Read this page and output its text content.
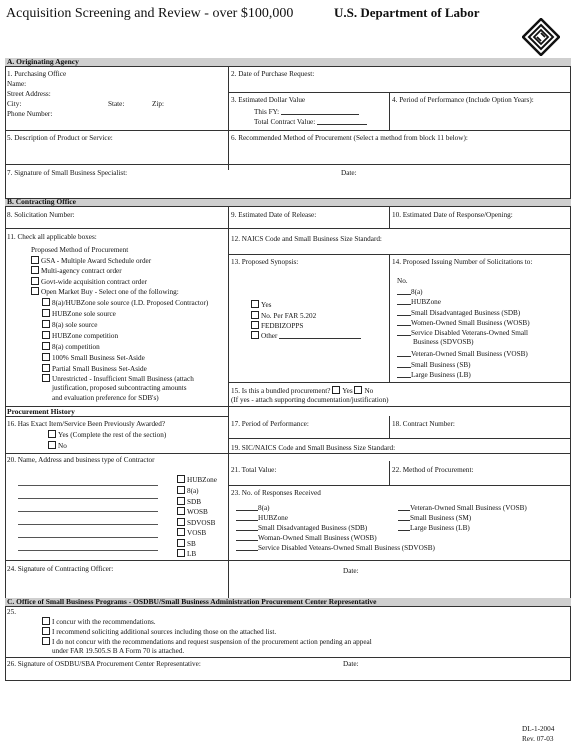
Acquisition Screening and Review - over $100,000	U.S. Department of Labor
A. Originating Agency
1. Purchasing Office
Name:
Street Address:
City:	State:	Zip:
Phone Number:
2. Date of Purchase Request:
3. Estimated Dollar Value
This FY:
Total Contract Value:
4. Period of Performance (Include Option Years):
5. Description of Product or Service:	6. Recommended Method of Procurement (Select a method from block 11 below):
7. Signature of Small Business Specialist:	Date:
B. Contracting Office
8. Solicitation Number:	9. Estimated Date of Release:	10. Estimated Date of Response/Opening:
11. Check all applicable boxes:
Proposed Method of Procurement
GSA - Multiple Award Schedule order
Multi-agency contract order
Govt-wide acquisition contract order
Open Market Buy - Select one of the following:
8(a)/HUBZone sole source (I.D. Proposed Contractor)
HUBZone sole source
8(a) sole source
HUBZone competition
8(a) competition
100% Small Business Set-Aside
Partial Small Business Set-Aside
Unrestricted - Insufficient Small Business (attach
justification, proposed subcontracting amounts
and evaluation preference for SDB's)
12. NAICS Code and Small Business Size Standard:
13. Proposed Synopsis:
Yes
No. Per FAR 5.202
FEDBIZOPPS
Other
14. Proposed Issuing Number of Solicitations to:
No.
8(a)
HUBZone
Small Disadvantaged Business (SDB)
Women-Owned Small Business (WOSB)
Service Disabled Veterans-Owned Small
Business (SDVOSB)
Veteran-Owned Small Business (VOSB)
Small Business (SB)
Large Business (LB)
15. Is this a bundled procurement? Yes No
(If yes - attach supporting documentation/justification)
Procurement History
16. Has Exact Item/Service Been Previously Awarded?
Yes (Complete the rest of the section)
No
17. Period of Performance:	18. Contract Number:
19. SIC/NAICS Code and Small Business Size Standard:
20. Name, Address and business type of Contractor
HUBZone
8(a)
SDB
WOSB
SDVOSB
VOSB
SB
LB
21. Total Value:	22. Method of Procurement:
23. No. of Responses Received
8(a)
HUBZone
Small Disadvantaged Business (SDB)
Woman-Owned Small Business (WOSB)
Service Disabled Veteans-Owned Small Business (SDVOSB)
Veteran-Owned Small Business (VOSB)
Small Business (SM)
Large Business (LB)
24. Signature of Contracting Officer:	Date:
C. Office of Small Business Programs - OSDBU/Small Business Administration Procurement Center Representative
25.
I concur with the recommendations.
I recommend soliciting additional sources including those on the attached list.
I do not concur with the recommendations and request suspension of the procurement action pending an appeal
under FAR 19.505.S B A Form 70 is attached.
26. Signature of OSDBU/SBA Procurement Center Representative:	Date:
DL-1-2004
Rev. 07-03
